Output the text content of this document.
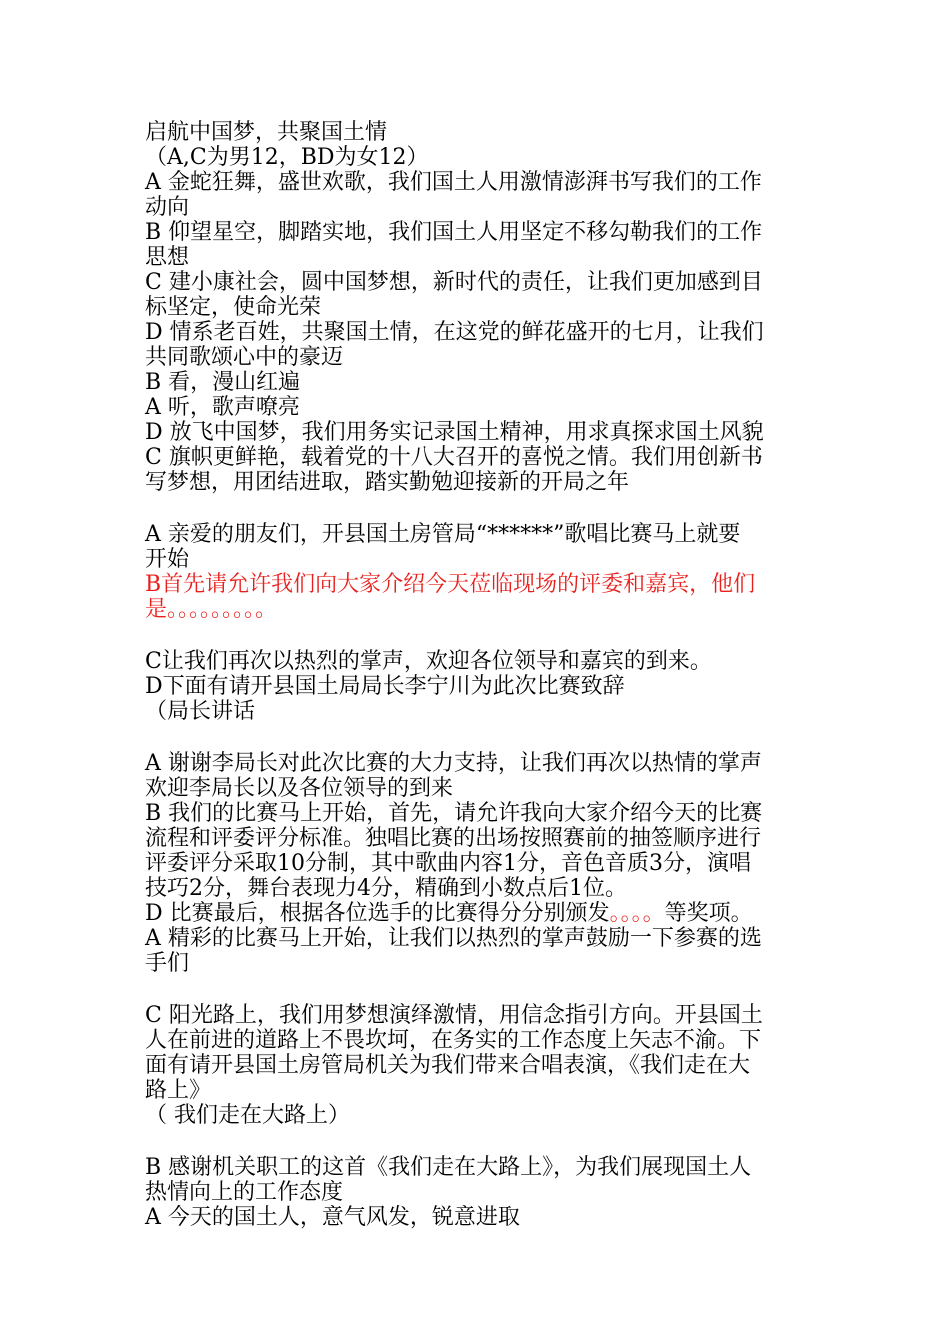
启航中国梦，共聚国土情
（A,C为男12，BD为女12）
A 金蛇狂舞，盛世欢歌，我们国土人用激情澎湃书写我们的工作
动向
B 仰望星空，脚踏实地，我们国土人用坚定不移勾勒我们的工作
思想
C 建小康社会，圆中国梦想，新时代的责任，让我们更加感到目
标坚定，使命光荣
D 情系老百姓，共聚国土情，在这党的鲜花盛开的七月，让我们
共同歌颂心中的豪迈
B 看，漫山红遍
A 听，歌声嘹亮
D 放飞中国梦，我们用务实记录国土精神，用求真探求国土风貌
C 旗帜更鲜艳，载着党的十八大召开的喜悦之情。我们用创新书
写梦想，用团结进取，踏实勤勉迎接新的开局之年
A 亲爱的朋友们，开县国土房管局“******”歌唱比赛马上就要
开始
B首先请允许我们向大家介绍今天莅临现场的评委和嘉宾，他们
是。。。。。。。。。
C让我们再次以热烈的掌声，欢迎各位领导和嘉宾的到来。
D下面有请开县国土局局长李宁川为此次比赛致辞
（局长讲话
A 谢谢李局长对此次比赛的大力支持，让我们再次以热情的掌声
欢迎李局长以及各位领导的到来
B 我们的比赛马上开始，首先，请允许我向大家介绍今天的比赛
流程和评委评分标准。独唱比赛的出场按照赛前的抽签顺序进行
评委评分采取10分制，其中歌曲内容1分，音色音质3分，演唱
技巧2分，舞台表现力4分，精确到小数点后1位。
D 比赛最后，根据各位选手的比赛得分分别颁发。。。。等奖项。
A 精彩的比赛马上开始，让我们以热烈的掌声鼓励一下参赛的选
手们
C 阳光路上，我们用梦想演绎激情，用信念指引方向。开县国土
人在前进的道路上不畏坎坷，在务实的工作态度上矢志不渝。下
面有请开县国土房管局机关为我们带来合唱表演，《我们走在大
路上》
（ 我们走在大路上）
B 感谢机关职工的这首《我们走在大路上》，为我们展现国土人
热情向上的工作态度
A 今天的国土人，意气风发，锐意进取
